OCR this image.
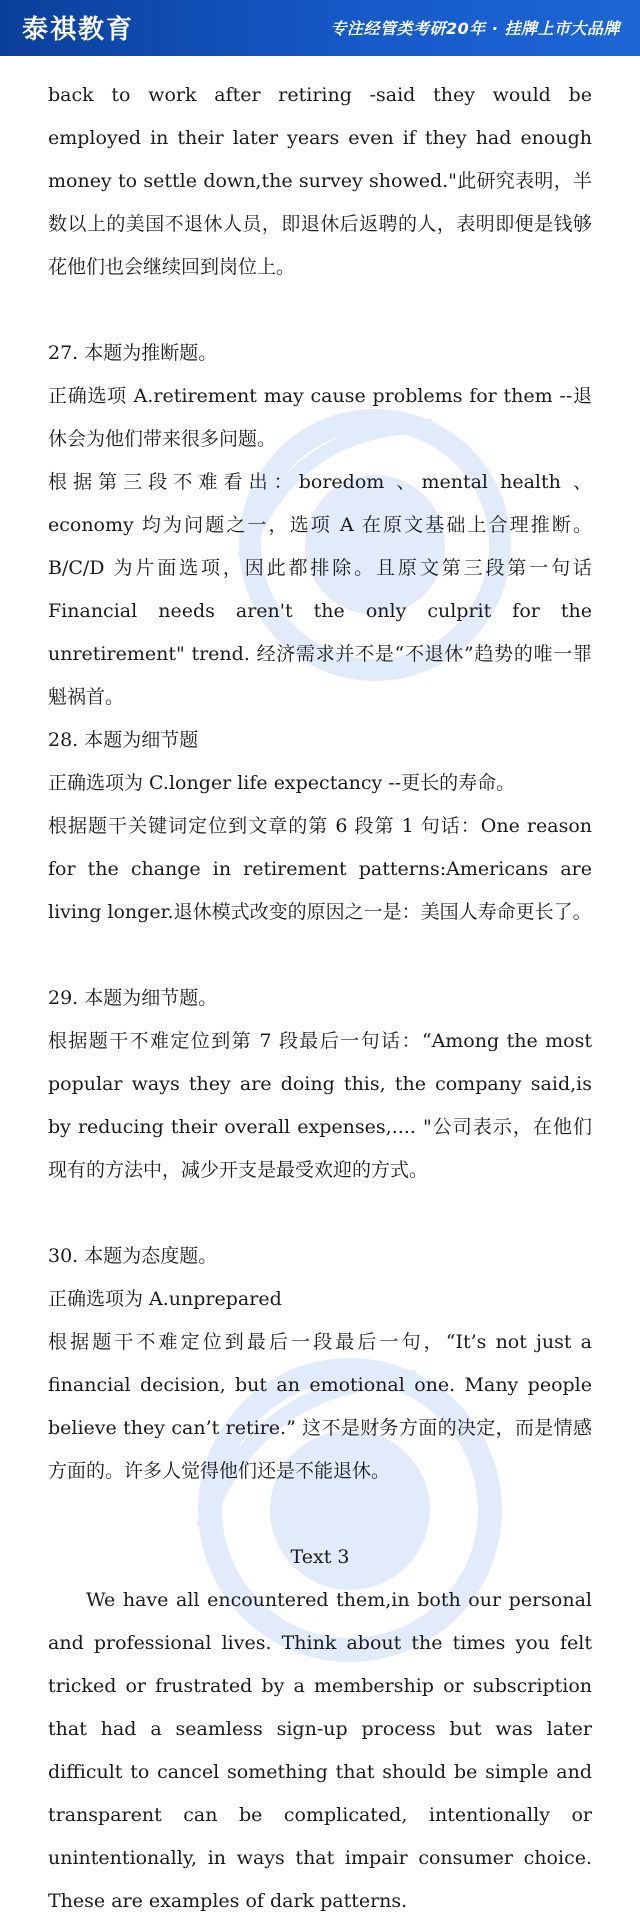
泰祺教育	专注经管类考研20年 · 挂牌上市大品牌

back to work after retiring -said they would be employed in their later years even if they had enough money to settle down,the survey showed."此研究表明，半数以上的美国不退休人员，即退休后返聘的人，表明即便是钱够花他们也会继续回到岗位上。

27. 本题为推断题。

正确选项 A.retirement may cause problems for them --退休会为他们带来很多问题。

根据第三段不难看出：boredom 、mental health 、economy 均为问题之一，选项 A 在原文基础上合理推断。B/C/D 为片面选项，因此都排除。且原文第三段第一句话 Financial needs aren't the only culprit for the unretirement" trend. 经济需求并不是“不退休”趋势的唯一罪魁祸首。

28. 本题为细节题

正确选项为 C.longer life expectancy --更长的寿命。

根据题干关键词定位到文章的第 6 段第 1 句话：One reason for the change in retirement patterns:Americans are living longer.退休模式改变的原因之一是：美国人寿命更长了。

29. 本题为细节题。

根据题干不难定位到第 7 段最后一句话：“Among the most popular ways they are doing this, the company said,is by reducing their overall expenses,.... "公司表示，在他们现有的方法中，减少开支是最受欢迎的方式。

30. 本题为态度题。

正确选项为 A.unprepared

根据题干不难定位到最后一段最后一句，“It’s not just a financial decision, but an emotional one. Many people believe they can’t retire.” 这不是财务方面的决定，而是情感方面的。许多人觉得他们还是不能退休。

Text 3

We have all encountered them,in both our personal and professional lives. Think about the times you felt tricked or frustrated by a membership or subscription that had a seamless sign-up process but was later difficult to cancel something that should be simple and transparent can be complicated, intentionally or unintentionally, in ways that impair consumer choice. These are examples of dark patterns.
